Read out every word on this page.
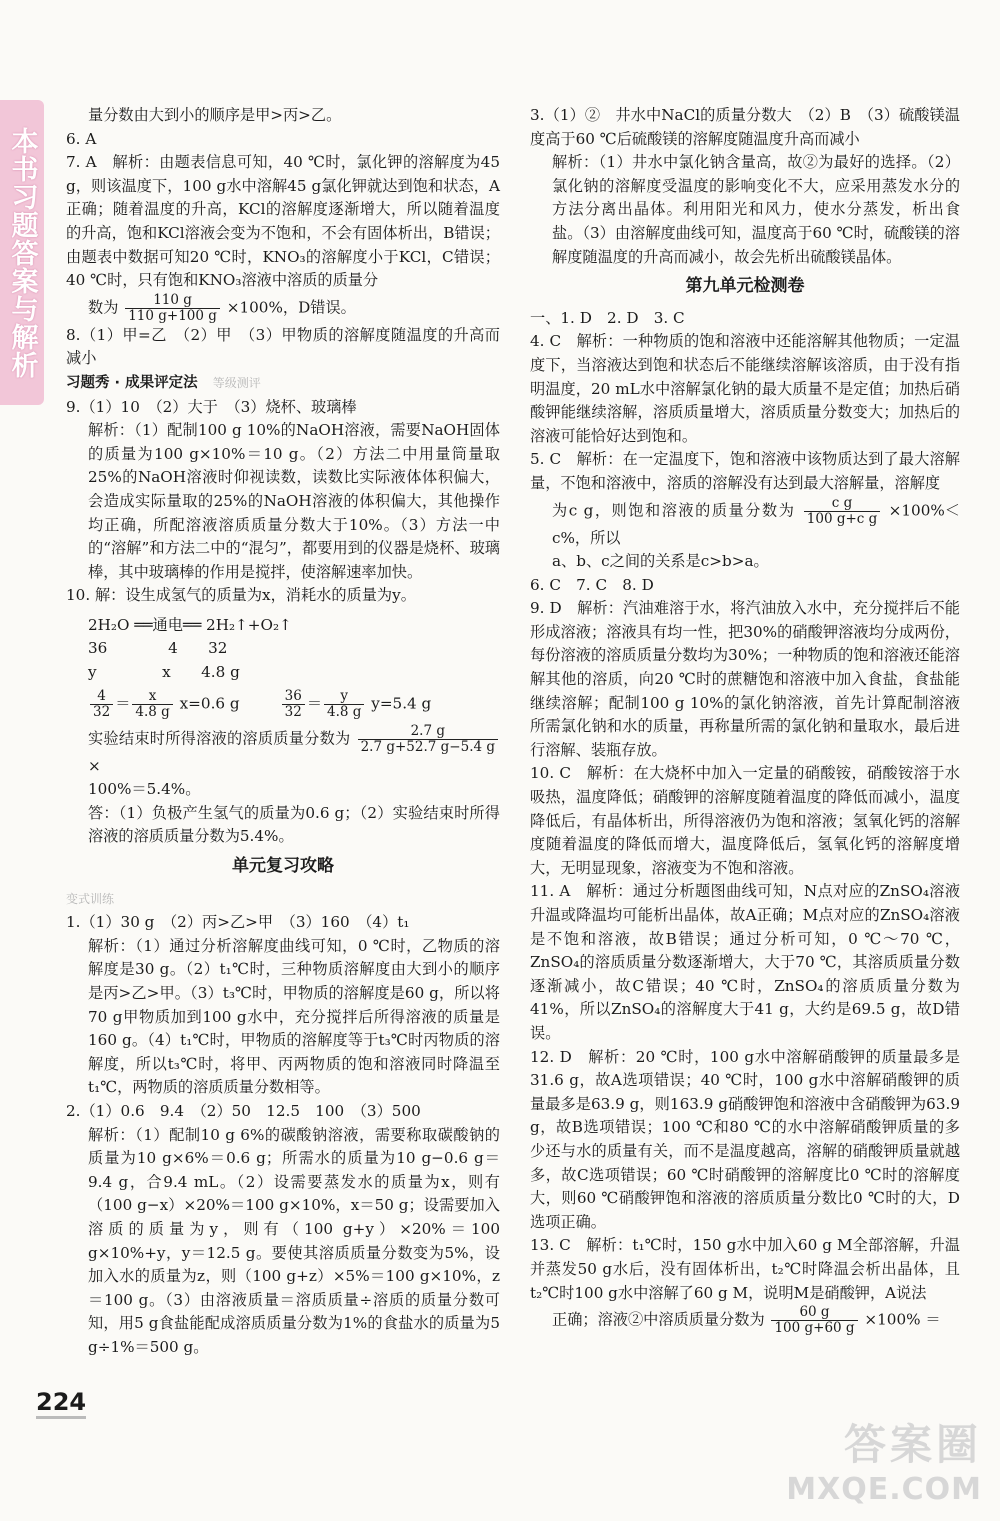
本书习题答案与解析

量分数由大到小的顺序是甲>丙>乙。

6. A

7. A　解析：由题表信息可知，40 ℃时，氯化钾的溶解度为45 g，则该温度下，100 g水中溶解45 g氯化钾就达到饱和状态，A正确；随着温度的升高，KCl的溶解度逐渐增大，所以随着温度的升高，饱和KCl溶液会变为不饱和，不会有固体析出，B错误；由题表中数据可知20 ℃时，KNO₃的溶解度小于KCl，C错误；40 ℃时，只有饱和KNO₃溶液中溶质的质量分

数为 $\frac{110 g}{110 g+100 g} \times 100\%$，D错误。

8.（1）甲=乙　（2）甲　（3）甲物质的溶解度随温度的升高而减小

习题秀 · 成果评定法　 等级测评

9.（1）10　（2）大于　（3）烧杯、玻璃棒

解析：（1）配制100 g 10%的NaOH溶液，需要NaOH固体的质量为100 g×10%＝10 g。（2）方法二中用量筒量取25%的NaOH溶液时仰视读数，读数比实际液体体积偏大，会造成实际量取的25%的NaOH溶液的体积偏大，其他操作均正确，所配溶液溶质质量分数大于10%。（3）方法一中的“溶解”和方法二中的“混匀”，都要用到的仪器是烧杯、玻璃棒，其中玻璃棒的作用是搅拌，使溶解速率加快。

10. 解：设生成氢气的质量为x，消耗水的质量为y。

2H₂O ══通电══ 2H₂↑+O₂↑

36　　　　4　　32

y　　　　 x　　4.8 g

$\frac{4}{32} = \frac{x}{4.8 g} x=0.6$ g 　　	$\frac{36}{32} = \frac{y}{4.8 g} y=5.4$ g

实验结束时所得溶液的溶质质量分数为 $\frac{2.7 g}{2.7 g+52.7 g-5.4 g}$
×

100%＝5.4%。

答：（1）负极产生氢气的质量为0.6 g；（2）实验结束时所得溶液的溶质质量分数为5.4%。

单元复习攻略

变式训练

1.（1）30 g　（2）丙>乙>甲　（3）160　（4）t₁

解析：（1）通过分析溶解度曲线可知，0 ℃时，乙物质的溶解度是30 g。（2）t₁℃时，三种物质溶解度由大到小的顺序是丙>乙>甲。（3）t₃℃时，甲物质的溶解度是60 g，所以将70 g甲物质加到100 g水中，充分搅拌后所得溶液的质量是160 g。（4）t₁℃时，甲物质的溶解度等于t₃℃时丙物质的溶解度，所以t₃℃时，将甲、丙两物质的饱和溶液同时降温至t₁℃，两物质的溶质质量分数相等。

2.（1）0.6　9.4　（2）50　12.5　100　（3）500

解析：（1）配制10 g 6%的碳酸钠溶液，需要称取碳酸钠的质量为10 g×6%＝0.6 g；所需水的质量为10 g−0.6 g＝9.4 g，合9.4 mL。（2）设需要蒸发水的质量为x，则有（100 g−x）×20%＝100 g×10%，x＝50 g；设需要加入溶质的质量为y，则有（100 g+y）×20%＝100 g×10%+y，y＝12.5 g。要使其溶质质量分数变为5%，设加入水的质量为z，则（100 g+z）×5%＝100 g×10%，z＝100 g。（3）由溶液质量＝溶质质量÷溶质的质量分数可知，用5 g食盐能配成溶质质量分数为1%的食盐水的质量为5 g÷1%＝500 g。

3.（1）②　井水中NaCl的质量分数大　（2）B　（3）硫酸镁温度高于60 ℃后硫酸镁的溶解度随温度升高而减小

解析：（1）井水中氯化钠含量高，故②为最好的选择。（2）氯化钠的溶解度受温度的影响变化不大，应采用蒸发水分的方法分离出晶体。利用阳光和风力，使水分蒸发，析出食盐。（3）由溶解度曲线可知，温度高于60 ℃时，硫酸镁的溶解度随温度的升高而减小，故会先析出硫酸镁晶体。

第九单元检测卷

一、1. D　2. D　3. C

4. C　解析：一种物质的饱和溶液中还能溶解其他物质；一定温度下，当溶液达到饱和状态后不能继续溶解该溶质，由于没有指明温度，20 mL水中溶解氯化钠的最大质量不是定值；加热后硝酸钾能继续溶解，溶质质量增大，溶质质量分数变大；加热后的溶液可能恰好达到饱和。

5. C　解析：在一定温度下，饱和溶液中该物质达到了最大溶解量，不饱和溶液中，溶质的溶解没有达到最大溶解量，溶解度

为c g，则饱和溶液的质量分数为 $\frac{\text{c g}}{\text{100 g+c g}} \times 100\%<c\%$，所以

a、b、c之间的关系是c>b>a。

6. C　7. C　8. D

9. D　解析：汽油难溶于水，将汽油放入水中，充分搅拌后不能形成溶液；溶液具有均一性，把30%的硝酸钾溶液均分成两份，每份溶液的溶质质量分数均为30%；一种物质的饱和溶液还能溶解其他的溶质，向20 ℃时的蔗糖饱和溶液中加入食盐，食盐能继续溶解；配制100 g 10%的氯化钠溶液，首先计算配制溶液所需氯化钠和水的质量，再称量所需的氯化钠和量取水，最后进行溶解、装瓶存放。

10. C　解析：在大烧杯中加入一定量的硝酸铵，硝酸铵溶于水吸热，温度降低；硝酸钾的溶解度随着温度的降低而减小，温度降低后，有晶体析出，所得溶液仍为饱和溶液；氢氧化钙的溶解度随着温度的降低而增大，温度降低后，氢氧化钙的溶解度增大，无明显现象，溶液变为不饱和溶液。

11. A　解析：通过分析题图曲线可知，N点对应的ZnSO₄溶液升温或降温均可能析出晶体，故A正确；M点对应的ZnSO₄溶液是不饱和溶液，故B错误；通过分析可知，0 ℃～70 ℃，ZnSO₄的溶质质量分数逐渐增大，大于70 ℃，其溶质质量分数逐渐减小，故C错误；40 ℃时，ZnSO₄的溶质质量分数为41%，所以ZnSO₄的溶解度大于41 g，大约是69.5 g，故D错误。

12. D　解析：20 ℃时，100 g水中溶解硝酸钾的质量最多是31.6 g，故A选项错误；40 ℃时，100 g水中溶解硝酸钾的质量最多是63.9 g，则163.9 g硝酸钾饱和溶液中含硝酸钾为63.9 g，故B选项错误；100 ℃和80 ℃的水中溶解硝酸钾质量的多少还与水的质量有关，而不是温度越高，溶解的硝酸钾质量就越多，故C选项错误；60 ℃时硝酸钾的溶解度比0 ℃时的溶解度大，则60 ℃硝酸钾饱和溶液的溶质质量分数比0 ℃时的大，D选项正确。

13. C　解析：t₁℃时，150 g水中加入60 g M全部溶解，升温并蒸发50 g水后，没有固体析出，t₂℃时降温会析出晶体，且t₂℃时100 g水中溶解了60 g M，说明M是硝酸钾，A说法

正确；溶液②中溶质质量分数为 $\frac{60 g}{100 g+60 g} \times 100\%$ ＝

224
答案圈
MXQE.COM
